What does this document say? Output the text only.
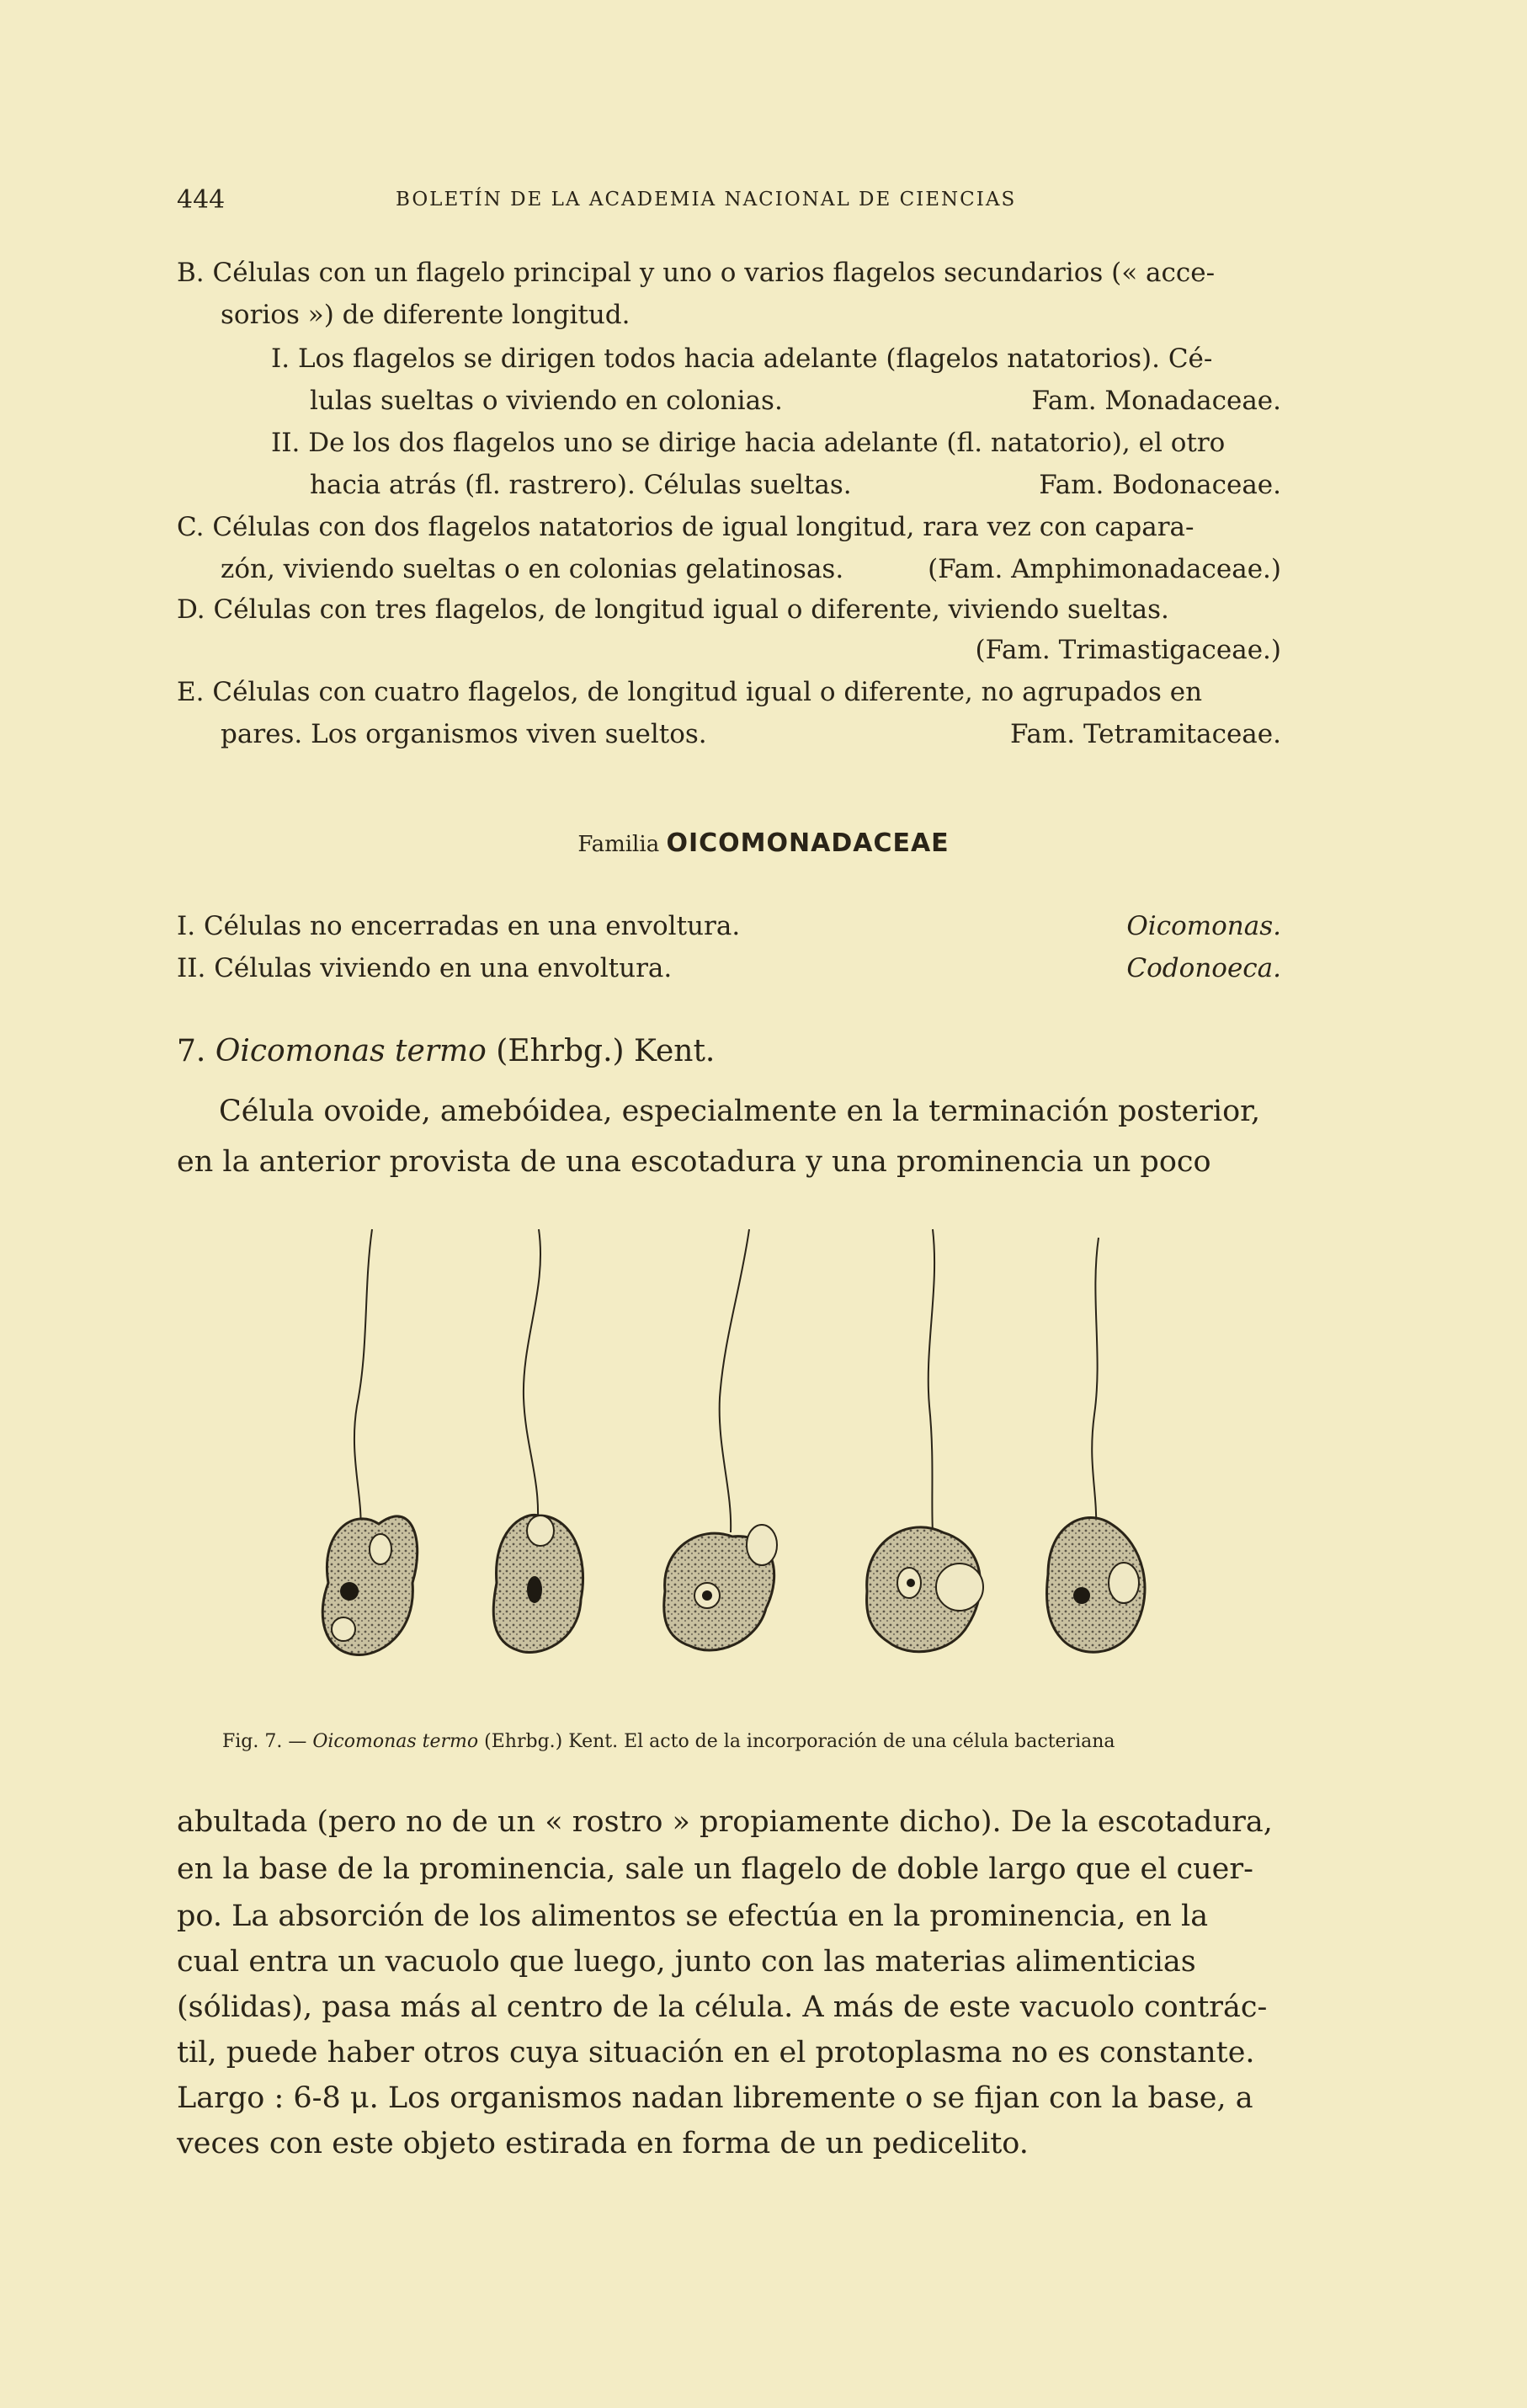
444	BOLETÍN DE LA ACADEMIA NACIONAL DE CIENCIAS
B. Células con un flagelo principal y uno o varios flagelos secundarios (« acce-
sorios ») de diferente longitud.
I. Los flagelos se dirigen todos hacia adelante (flagelos natatorios). Cé-
lulas sueltas o viviendo en colonias.	Fam. Monadaceae.
II. De los dos flagelos uno se dirige hacia adelante (fl. natatorio), el otro
hacia atrás (fl. rastrero). Células sueltas.	Fam. Bodonaceae.
C. Células con dos flagelos natatorios de igual longitud, rara vez con capara-
zón, viviendo sueltas o en colonias gelatinosas.	(Fam. Amphimonadaceae.)
D. Células con tres flagelos, de longitud igual o diferente, viviendo sueltas.
(Fam. Trimastigaceae.)
E. Células con cuatro flagelos, de longitud igual o diferente, no agrupados en
pares. Los organismos viven sueltos.	Fam. Tetramitaceae.
Familia OICOMONADACEAE
I. Células no encerradas en una envoltura.	Oicomonas.
II. Células viviendo en una envoltura.	Codonoeca.
7. Oicomonas termo (Ehrbg.) Kent.
Célula ovoide, amebóidea, especialmente en la terminación posterior,
en la anterior provista de una escotadura y una prominencia un poco
Fig. 7. — Oicomonas termo (Ehrbg.) Kent. El acto de la incorporación de una célula bacteriana
abultada (pero no de un « rostro » propiamente dicho). De la escotadura,
en la base de la prominencia, sale un flagelo de doble largo que el cuer-
po. La absorción de los alimentos se efectúa en la prominencia, en la
cual entra un vacuolo que luego, junto con las materias alimenticias
(sólidas), pasa más al centro de la célula. A más de este vacuolo contrác-
til, puede haber otros cuya situación en el protoplasma no es constante.
Largo : 6-8 μ. Los organismos nadan libremente o se fijan con la base, a
veces con este objeto estirada en forma de un pedicelito.
